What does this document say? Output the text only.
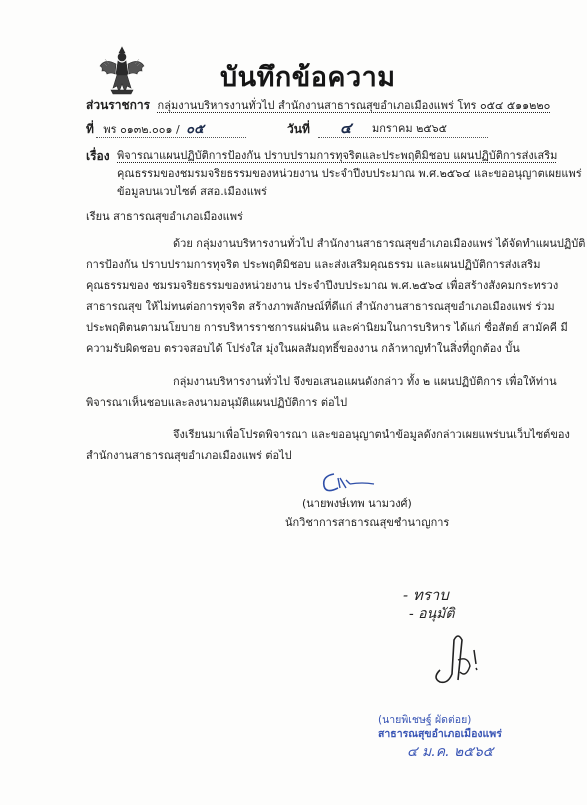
บันทึกข้อความ
ส่วนราชการ กลุ่มงานบริหารงานทั่วไป สำนักงานสาธารณสุขอำเภอเมืองแพร่ โทร ๐๕๔ ๕๑๑๒๒๐
ที่ พร ๐๑๓๒.๐๐๑ / ๐๕	วันที่ ๔ มกราคม ๒๕๖๕
เรื่อง พิจารณาแผนปฏิบัติการป้องกัน ปราบปรามการทุจริตและประพฤติมิชอบ แผนปฏิบัติการส่งเสริม
คุณธรรมของชมรมจริยธรรมของหน่วยงาน ประจำปีงบประมาณ พ.ศ.๒๕๖๔ และขออนุญาตเผยแพร่
ข้อมูลบนเวบไซต์ สสอ.เมืองแพร่
เรียน สาธารณสุขอำเภอเมืองแพร่
ด้วย กลุ่มงานบริหารงานทั่วไป สำนักงานสาธารณสุขอำเภอเมืองแพร่ ได้จัดทำแผนปฏิบัติ
การป้องกัน ปราบปรามการทุจริต ประพฤติมิชอบ และส่งเสริมคุณธรรม และแผนปฏิบัติการส่งเสริม
คุณธรรมของ ชมรมจริยธรรมของหน่วยงาน ประจำปีงบประมาณ พ.ศ.๒๕๖๔ เพื่อสร้างสังคมกระทรวง
สาธารณสุข ให้ไม่ทนต่อการทุจริต สร้างภาพลักษณ์ที่ดีแก่ สำนักงานสาธารณสุขอำเภอเมืองแพร่ ร่วม
ประพฤติตนตามนโยบาย การบริหารราชการแผ่นดิน และค่านิยมในการบริหาร ได้แก่ ซื่อสัตย์ สามัคคี มี
ความรับผิดชอบ ตรวจสอบได้ โปร่งใส มุ่งในผลสัมฤทธิ์ของงาน กล้าหาญทำในสิ่งที่ถูกต้อง บั้น
กลุ่มงานบริหารงานทั่วไป จึงขอเสนอแผนดังกล่าว ทั้ง ๒ แผนปฏิบัติการ เพื่อให้ท่าน
พิจารณาเห็นชอบและลงนามอนุมัติแผนปฏิบัติการ ต่อไป
จึงเรียนมาเพื่อโปรดพิจารณา และขออนุญาตนำข้อมูลดังกล่าวเผยแพร่บนเว็บไซต์ของ
สำนักงานสาธารณสุขอำเภอเมืองแพร่ ต่อไป
(นายพงษ์เทพ นามวงศ์)
นักวิชาการสาธารณสุขชำนาญการ
- ทราบ
- อนุมัติ
(นายพิเชษฐ์ ผัดต่อย)
สาธารณสุขอำเภอเมืองแพร่
๔ ม.ค. ๒๕๖๕
